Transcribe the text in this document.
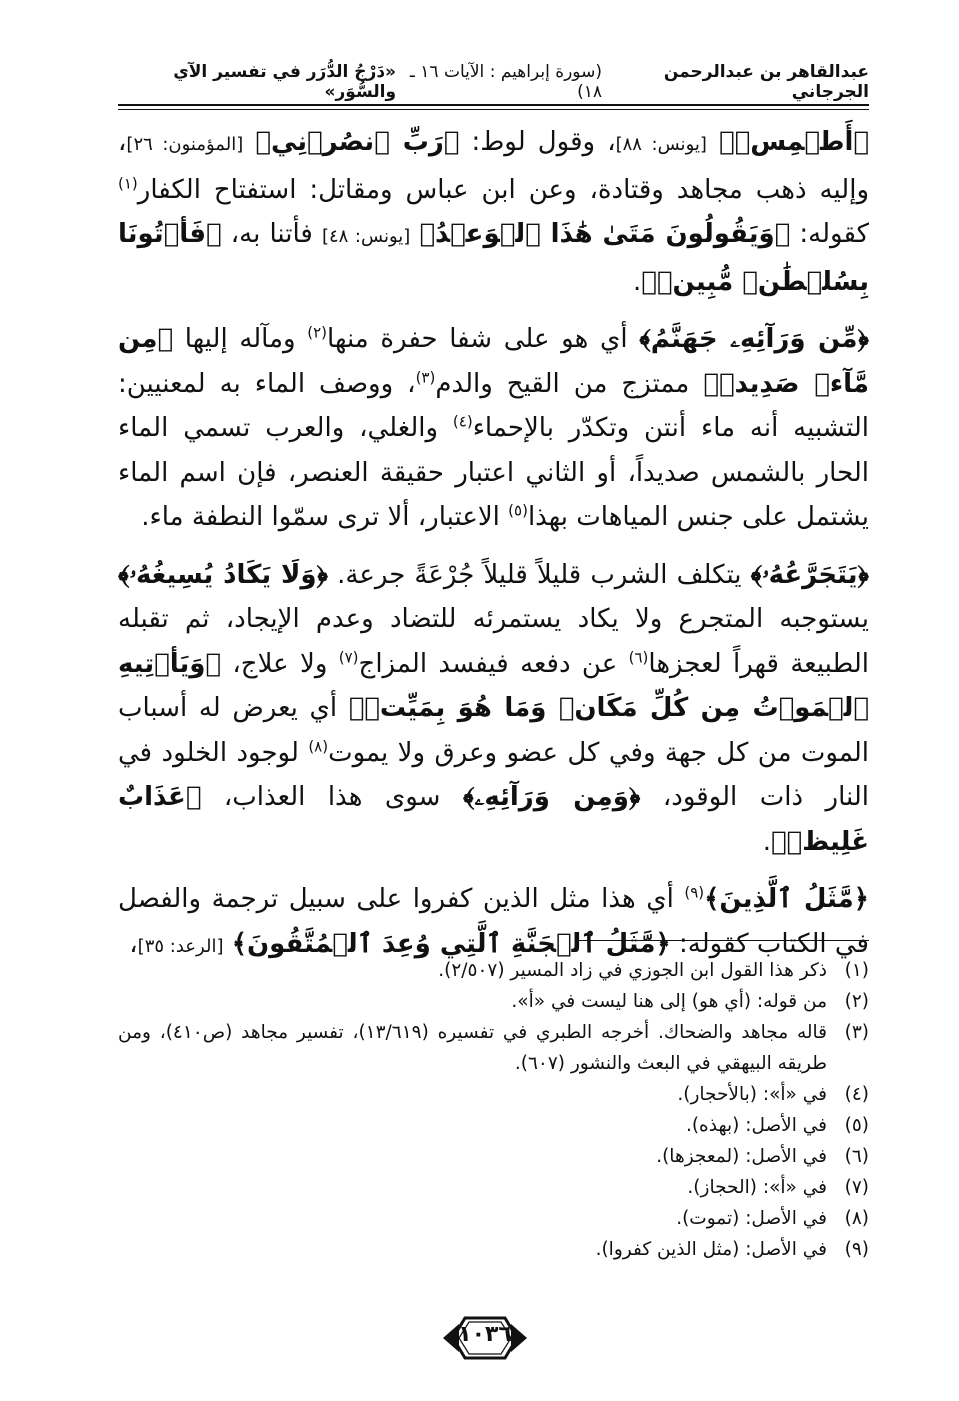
عبدالقاهر بن عبدالرحمن الجرجاني
(سورة إبراهيم : الآيات ١٦ ـ ١٨)
«دَرْجُ الدُّرَر في تفسير الآي والسُّوَر»

﴿أَطۡمِسۡ﴾ [يونس: ٨٨]، وقول لوط: ﴿رَبِّ ٱنصُرۡنِي﴾ [المؤمنون: ٢٦]، وإليه ذهب مجاهد وقتادة، وعن ابن عباس ومقاتل: استفتاح الكفار$^{(١)}$ كقوله: ﴿وَيَقُولُونَ مَتَىٰ هَٰذَا ٱلۡوَعۡدُ﴾ [يونس: ٤٨] فأتنا به، ﴿فَأۡتُونَا بِسُلۡطَٰنٖ مُّبِينٖ﴾.

﴿مِّن وَرَآئِهِۦ جَهَنَّمُ﴾ أي هو على شفا حفرة منها$^{(٢)}$ ومآله إليها ﴿مِن مَّآءٖ صَدِيدٖ﴾ ممتزج من القيح والدم$^{(٣)}$، ووصف الماء به لمعنيين: التشبيه أنه ماء أنتن وتكدّر بالإحماء$^{(٤)}$ والغلي، والعرب تسمي الماء الحار بالشمس صديداً، أو الثاني اعتبار حقيقة العنصر، فإن اسم الماء يشتمل على جنس المياهات بهذا$^{(٥)}$ الاعتبار، ألا ترى سمّوا النطفة ماء.

﴿يَتَجَرَّعُهُۥ﴾ يتكلف الشرب قليلاً قليلاً جُرْعَةً جرعة. ﴿وَلَا يَكَادُ يُسِيغُهُۥ﴾ يستوجبه المتجرع ولا يكاد يستمرئه للتضاد وعدم الإيجاد، ثم تقبله الطبيعة قهراً لعجزها$^{(٦)}$ عن دفعه فيفسد المزاج$^{(٧)}$ ولا علاج، ﴿وَيَأۡتِيهِ ٱلۡمَوۡتُ مِن كُلِّ مَكَانٖ وَمَا هُوَ بِمَيِّتٖ﴾ أي يعرض له أسباب الموت من كل جهة وفي كل عضو وعرق ولا يموت$^{(٨)}$ لوجود الخلود في النار ذات الوقود، ﴿وَمِن وَرَآئِهِۦ﴾ سوى هذا العذاب، ﴿عَذَابٌ غَلِيظٞ﴾.

﴿مَّثَلُ ٱلَّذِينَ﴾$^{(٩)}$ أي هذا مثل الذين كفروا على سبيل ترجمة والفصل في الكتاب كقوله: ﴿مَّثَلُ ٱلۡجَنَّةِ ٱلَّتِي وُعِدَ ٱلۡمُتَّقُونَ﴾ [الرعد: ٣٥]،

(١)
ذكر هذا القول ابن الجوزي في زاد المسير (٢/٥٠٧).
(٢)
من قوله: (أي هو) إلى هنا ليست في «أ».
(٣)
قاله مجاهد والضحاك. أخرجه الطبري في تفسيره (١٣/٦١٩)، تفسير مجاهد (ص٤١٠)، ومن طريقه البيهقي في البعث والنشور (٦٠٧).
(٤)
في «أ»: (بالأحجار).
(٥)
في الأصل: (بهذه).
(٦)
في الأصل: (لمعجزها).
(٧)
في «أ»: (الحجاز).
(٨)
في الأصل: (تموت).
(٩)
في الأصل: (مثل الذين كفروا).
١٠٣٦
